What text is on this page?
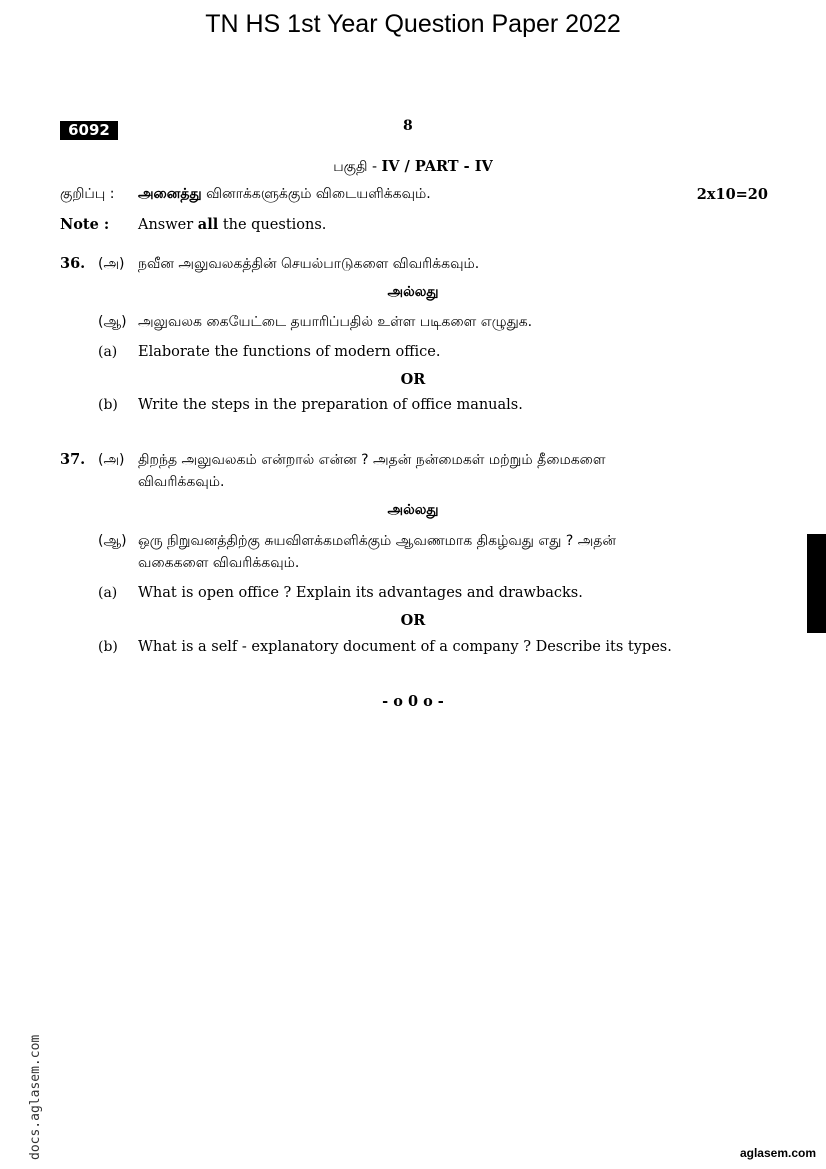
TN HS 1st Year Question Paper 2022
6092	8
பகுதி - IV / PART - IV
குறிப்பு : அனைத்து வினாக்களுக்கும் விடையளிக்கவும்.	2x10=20
Note : Answer all the questions.
36. (அ) நவீன அலுவலகத்தின் செயல்பாடுகளை விவரிக்கவும்.
அல்லது
(ஆ) அலுவலக கையேட்டை தயாரிப்பதில் உள்ள படிகளை எழுதுக.
(a) Elaborate the functions of modern office.
OR
(b) Write the steps in the preparation of office manuals.
37. (அ) திறந்த அலுவலகம் என்றால் என்ன ? அதன் நன்மைகள் மற்றும் தீமைகளை
விவரிக்கவும்.
அல்லது
(ஆ) ஒரு நிறுவனத்திற்கு சுயவிளக்கமளிக்கும் ஆவணமாக திகழ்வது எது ? அதன்
வகைகளை விவரிக்கவும்.
(a) What is open office ? Explain its advantages and drawbacks.
OR
(b) What is a self - explanatory document of a company ? Describe its types.
- o 0 o -
docs.aglasem.com	aglasem.com
